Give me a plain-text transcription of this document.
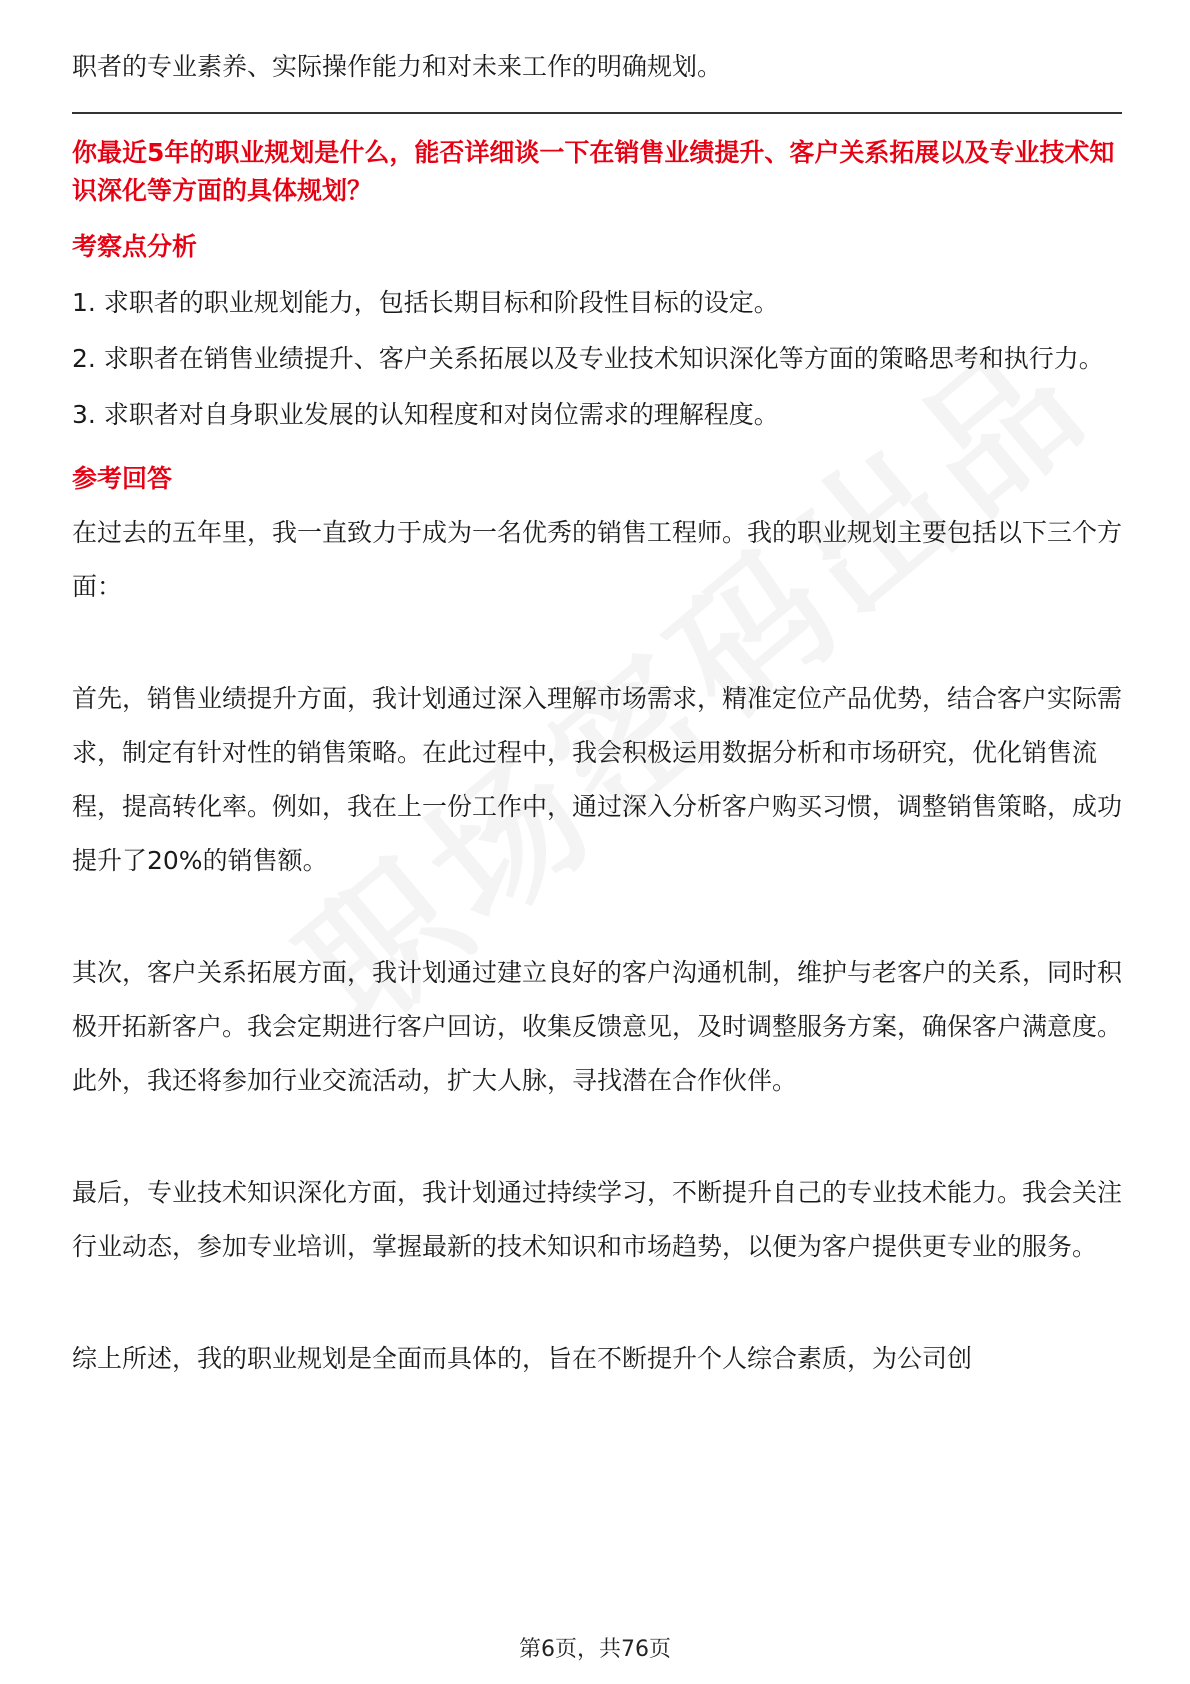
职者的专业素养、实际操作能力和对未来工作的明确规划。

你最近5年的职业规划是什么，能否详细谈一下在销售业绩提升、客户关系拓展以及专业技术知识深化等方面的具体规划？

考察点分析

1. 求职者的职业规划能力，包括长期目标和阶段性目标的设定。

2. 求职者在销售业绩提升、客户关系拓展以及专业技术知识深化等方面的策略思考和执行力。

3. 求职者对自身职业发展的认知程度和对岗位需求的理解程度。

参考回答

在过去的五年里，我一直致力于成为一名优秀的销售工程师。我的职业规划主要包括以下三个方面：

首先，销售业绩提升方面，我计划通过深入理解市场需求，精准定位产品优势，结合客户实际需求，制定有针对性的销售策略。在此过程中，我会积极运用数据分析和市场研究，优化销售流程，提高转化率。例如，我在上一份工作中，通过深入分析客户购买习惯，调整销售策略，成功提升了20%的销售额。

其次，客户关系拓展方面，我计划通过建立良好的客户沟通机制，维护与老客户的关系，同时积极开拓新客户。我会定期进行客户回访，收集反馈意见，及时调整服务方案，确保客户满意度。此外，我还将参加行业交流活动，扩大人脉，寻找潜在合作伙伴。

最后，专业技术知识深化方面，我计划通过持续学习，不断提升自己的专业技术能力。我会关注行业动态，参加专业培训，掌握最新的技术知识和市场趋势，以便为客户提供更专业的服务。

综上所述，我的职业规划是全面而具体的，旨在不断提升个人综合素质，为公司创

第6页，共76页
